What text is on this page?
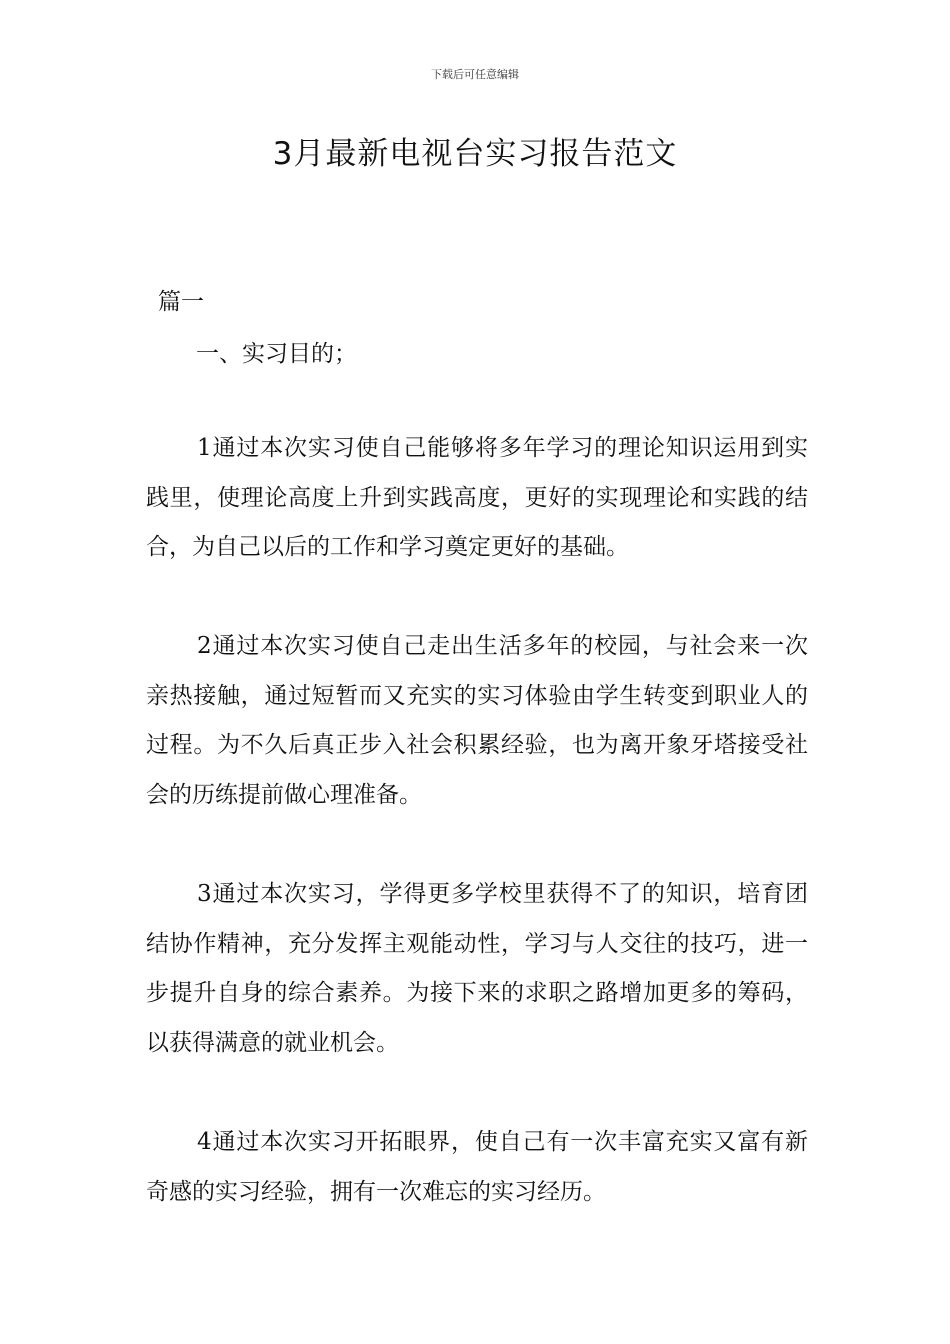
下载后可任意编辑
3月最新电视台实习报告范文
篇一
一、实习目的；

1通过本次实习使自己能够将多年学习的理论知识运用到实践里，使理论高度上升到实践高度，更好的实现理论和实践的结合，为自己以后的工作和学习奠定更好的基础。

2通过本次实习使自己走出生活多年的校园，与社会来一次亲热接触，通过短暂而又充实的实习体验由学生转变到职业人的过程。为不久后真正步入社会积累经验，也为离开象牙塔接受社会的历练提前做心理准备。

3通过本次实习，学得更多学校里获得不了的知识，培育团结协作精神，充分发挥主观能动性，学习与人交往的技巧，进一步提升自身的综合素养。为接下来的求职之路增加更多的筹码，以获得满意的就业机会。

4通过本次实习开拓眼界，使自己有一次丰富充实又富有新奇感的实习经验，拥有一次难忘的实习经历。
